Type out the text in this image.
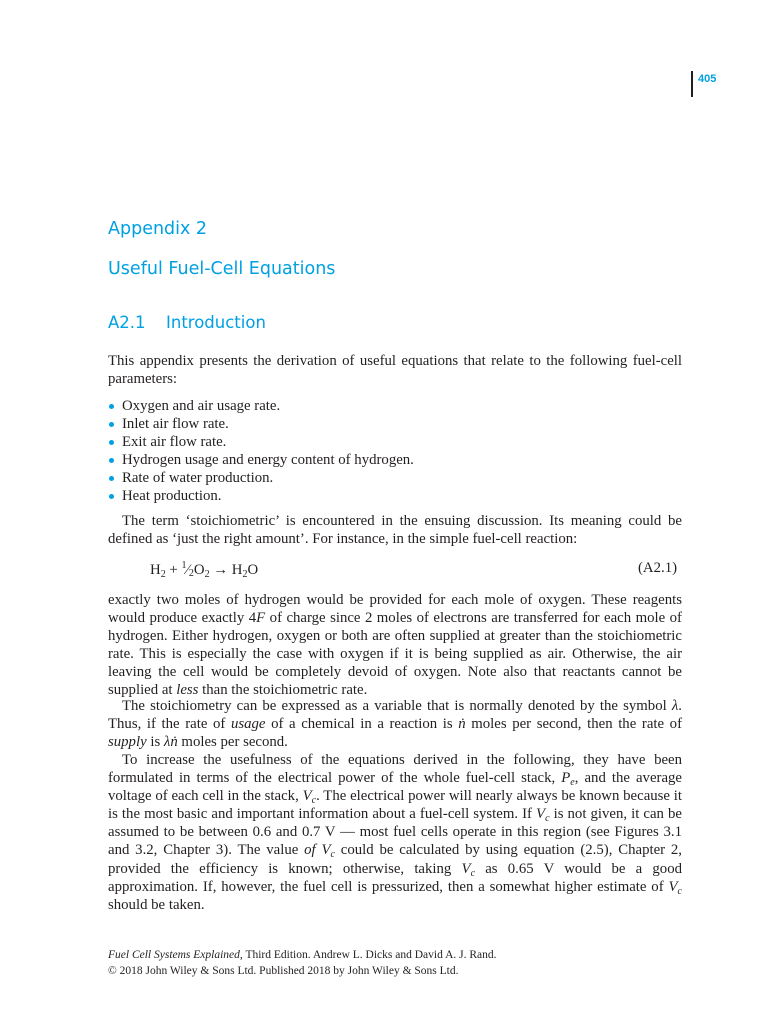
405
Appendix 2
Useful Fuel-Cell Equations
A2.1 Introduction
This appendix presents the derivation of useful equations that relate to the following fuel-cell parameters:
Oxygen and air usage rate.
Inlet air flow rate.
Exit air flow rate.
Hydrogen usage and energy content of hydrogen.
Rate of water production.
Heat production.
The term ‘stoichiometric’ is encountered in the ensuing discussion. Its meaning could be defined as ‘just the right amount’. For instance, in the simple fuel-cell reaction:
$H_2$ + $^1⁄_2O_2 \to H_2O$	(A2.1)
exactly two moles of hydrogen would be provided for each mole of oxygen. These reagents would produce exactly 4F of charge since 2 moles of electrons are transferred for each mole of hydrogen. Either hydrogen, oxygen or both are often supplied at greater than the stoichiometric rate. This is especially the case with oxygen if it is being supplied as air. Otherwise, the air leaving the cell would be completely devoid of oxygen. Note also that reactants cannot be supplied at less than the stoichiometric rate.
The stoichiometry can be expressed as a variable that is normally denoted by the symbol λ. Thus, if the rate of usage of a chemical in a reaction is ṅ moles per second, then the rate of supply is λṅ moles per second.
To increase the usefulness of the equations derived in the following, they have been formulated in terms of the electrical power of the whole fuel-cell stack, $P_e$, and the average voltage of each cell in the stack, $V_c$. The electrical power will nearly always be known because it is the most basic and important information about a fuel-cell system. If $V_c$ is not given, it can be assumed to be between 0.6 and 0.7 V — most fuel cells operate in this region (see Figures 3.1 and 3.2, Chapter 3). The value of $V_c$ could be calculated by using equation (2.5), Chapter 2, provided the efficiency is known; otherwise, taking $V_c$ as 0.65 V would be a good approximation. If, however, the fuel cell is pressurized, then a somewhat higher estimate of $V_c$ should be taken.
Fuel Cell Systems Explained, Third Edition. Andrew L. Dicks and David A. J. Rand.
© 2018 John Wiley & Sons Ltd. Published 2018 by John Wiley & Sons Ltd.
